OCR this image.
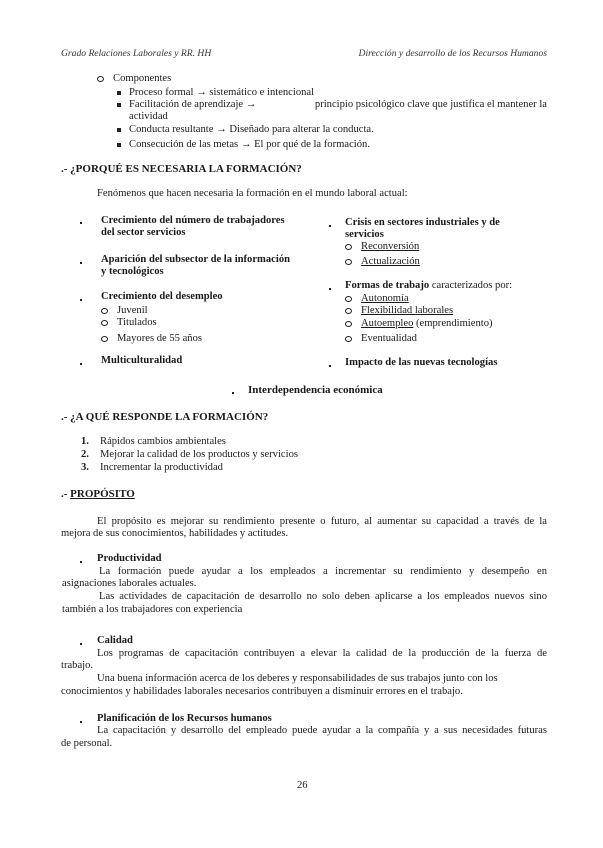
Grado Relaciones Laborales y RR. HH	Dirección y desarrollo de los Recursos Humanos
Componentes
Proceso formal → sistemático e intencional
Facilitación de aprendizaje →	principio psicológico clave que justifica el mantener la
actividad
Conducta resultante → Diseñado para alterar la conducta.
Consecución de las metas → El por qué de la formación.
.- ¿PORQUÉ ES NECESARIA LA FORMACIÓN?
Fenómenos que hacen necesaria la formación en el mundo laboral actual:
Crecimiento del número de trabajadores
del sector servicios
Aparición del subsector de la información
y tecnológicos
Crecimiento del desempleo
Juvenil
Titulados
Mayores de 55 años
Multiculturalidad
Crisis en sectores industriales y de
servicios
Reconversión
Actualización
Formas de trabajo caracterizados por:
Autonomía
Flexibilidad laborales
Autoempleo (emprendimiento)
Eventualidad
Impacto de las nuevas tecnologías
Interdependencia económica
.- ¿A QUÉ RESPONDE LA FORMACIÓN?
1. Rápidos cambios ambientales
2. Mejorar la calidad de los productos y servicios
3. Incrementar la productividad
.- PROPÓSITO
El propósito es mejorar su rendimiento presente o futuro, al aumentar su capacidad a través de la
mejora de sus conocimientos, habilidades y actitudes.
Productividad
La formación puede ayudar a los empleados a incrementar su rendimiento y desempeño en
asignaciones laborales actuales.
Las actividades de capacitación de desarrollo no solo deben aplicarse a los empleados nuevos sino
también a los trabajadores con experiencia
Calidad
Los programas de capacitación contribuyen a elevar la calidad de la producción de la fuerza de
trabajo.
Una buena información acerca de los deberes y responsabilidades de sus trabajos junto con los
conocimientos y habilidades laborales necesarios contribuyen a disminuir errores en el trabajo.
Planificación de los Recursos humanos
La capacitación y desarrollo del empleado puede ayudar a la compañía y a sus necesidades futuras
de personal.
26
